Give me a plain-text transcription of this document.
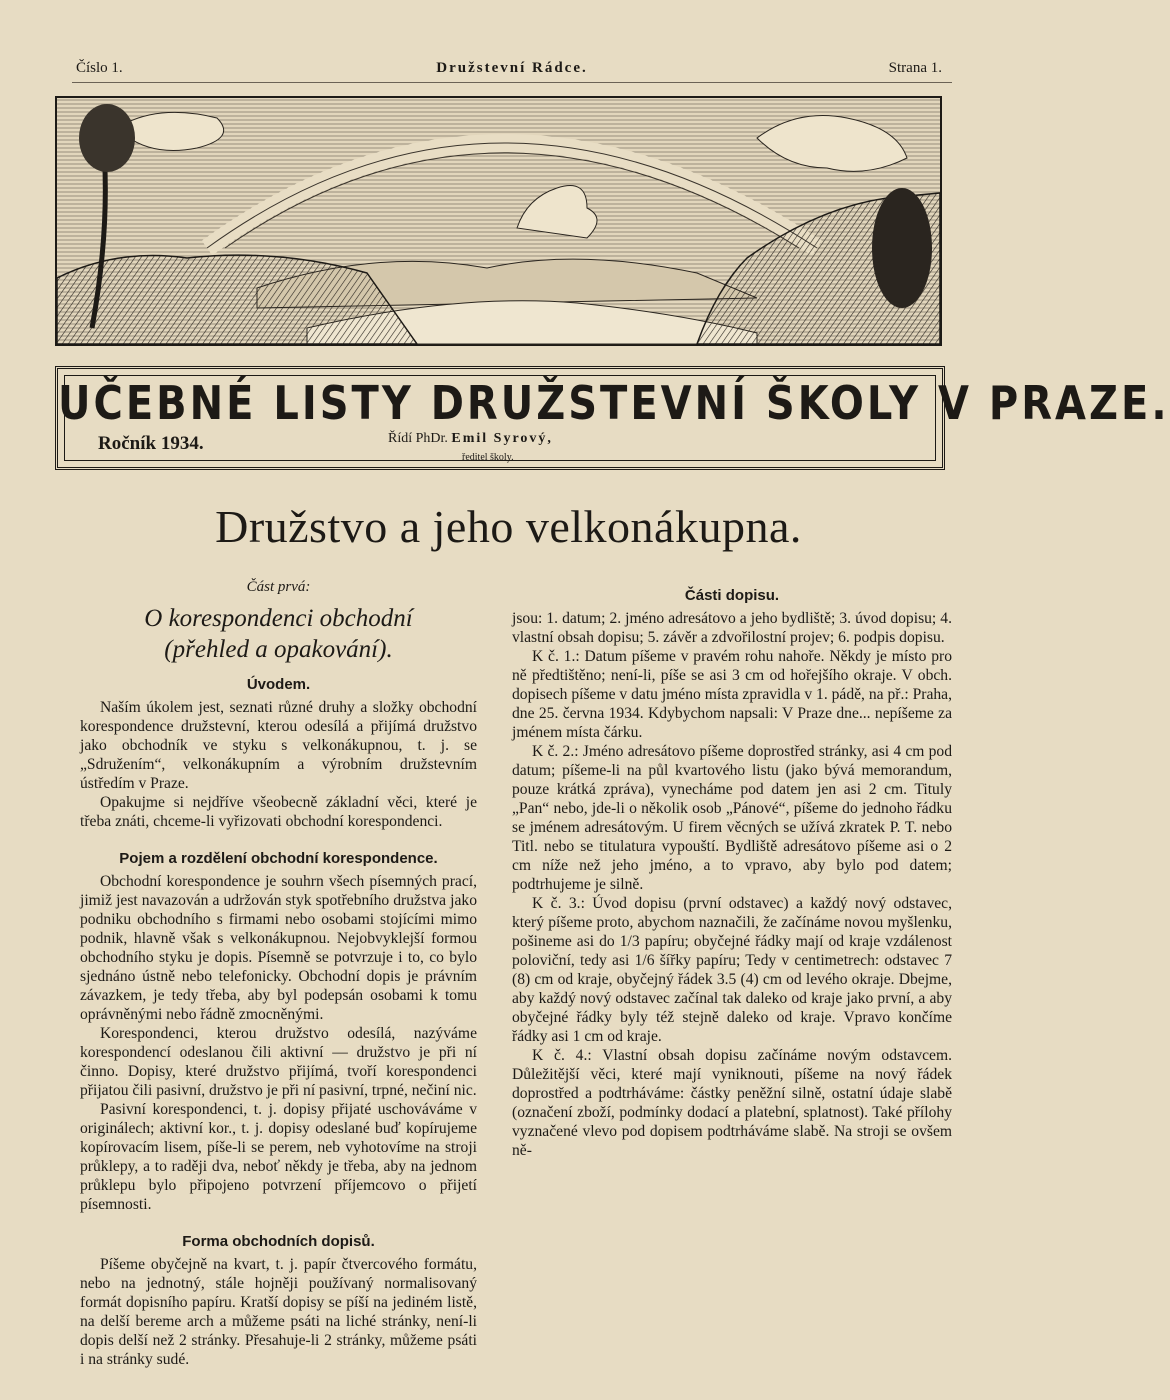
Číslo 1.	Družstevní Rádce.	Strana 1.
UČEBNÉ LISTY DRUŽSTEVNÍ ŠKOLY V PRAZE.
Ročník 1934.	Řídí PhDr. Emil Syrový,
ředitel školy.
Družstvo a jeho velkonákupna.
Část prvá:
O korespondenci obchodní
(přehled a opakování).
Úvodem.

Naším úkolem jest, seznati různé druhy a složky obchodní korespondence družstevní, kterou odesílá a přijímá družstvo jako obchodník ve styku s velkonákupnou, t. j. se „Sdružením“, velkonákupním a výrobním družstevním ústředím v Praze.

Opakujme si nejdříve všeobecně základní věci, které je třeba znáti, chceme-li vyřizovati obchodní korespondenci.

Pojem a rozdělení obchodní korespondence.

Obchodní korespondence je souhrn všech písemných prací, jimiž jest navazován a udržován styk spotřebního družstva jako podniku obchodního s firmami nebo osobami stojícími mimo podnik, hlavně však s velkonákupnou. Nejobvyklejší formou obchodního styku je dopis. Písemně se potvrzuje i to, co bylo sjednáno ústně nebo telefonicky. Obchodní dopis je právním závazkem, je tedy třeba, aby byl podepsán osobami k tomu oprávněnými nebo řádně zmocněnými.

Korespondenci, kterou družstvo odesílá, nazýváme korespondencí odeslanou čili aktivní — družstvo je při ní činno. Dopisy, které družstvo přijímá, tvoří korespondenci přijatou čili pasivní, družstvo je při ní pasivní, trpné, nečiní nic.

Pasivní korespondenci, t. j. dopisy přijaté uschováváme v originálech; aktivní kor., t. j. dopisy odeslané buď kopírujeme kopírovacím lisem, píše-li se perem, neb vyhotovíme na stroji průklepy, a to raději dva, neboť někdy je třeba, aby na jednom průklepu bylo připojeno potvrzení příjemcovo o přijetí písemnosti.

Forma obchodních dopisů.

Píšeme obyčejně na kvart, t. j. papír čtvercového formátu, nebo na jednotný, stále hojněji používaný normalisovaný formát dopisního papíru. Kratší dopisy se píší na jediném listě, na delší bereme arch a můžeme psáti na liché stránky, není-li dopis delší než 2 stránky. Přesahuje-li 2 stránky, můžeme psáti i na stránky sudé.

Části dopisu.

jsou: 1. datum; 2. jméno adresátovo a jeho bydliště; 3. úvod dopisu; 4. vlastní obsah dopisu; 5. závěr a zdvořilostní projev; 6. podpis dopisu.

K č. 1.: Datum píšeme v pravém rohu nahoře. Někdy je místo pro ně předtištěno; není-li, píše se asi 3 cm od hořejšího okraje. V obch. dopisech píšeme v datu jméno místa zpravidla v 1. pádě, na př.: Praha, dne 25. června 1934. Kdybychom napsali: V Praze dne... nepíšeme za jménem místa čárku.

K č. 2.: Jméno adresátovo píšeme doprostřed stránky, asi 4 cm pod datum; píšeme-li na půl kvartového listu (jako bývá memorandum, pouze krátká zpráva), vynecháme pod datem jen asi 2 cm. Tituly „Pan“ nebo, jde-li o několik osob „Pánové“, píšeme do jednoho řádku se jménem adresátovým. U firem věcných se užívá zkratek P. T. nebo Titl. nebo se titulatura vypouští. Bydliště adresátovo píšeme asi o 2 cm níže než jeho jméno, a to vpravo, aby bylo pod datem; podtrhujeme je silně.

K č. 3.: Úvod dopisu (první odstavec) a každý nový odstavec, který píšeme proto, abychom naznačili, že začínáme novou myšlenku, pošineme asi do 1/3 papíru; obyčejné řádky mají od kraje vzdálenost poloviční, tedy asi 1/6 šířky papíru; Tedy v centimetrech: odstavec 7 (8) cm od kraje, obyčejný řádek 3.5 (4) cm od levého okraje. Dbejme, aby každý nový odstavec začínal tak daleko od kraje jako první, a aby obyčejné řádky byly též stejně daleko od kraje. Vpravo končíme řádky asi 1 cm od kraje.

K č. 4.: Vlastní obsah dopisu začínáme novým odstavcem. Důležitější věci, které mají vyniknouti, píšeme na nový řádek doprostřed a podtrháváme: částky peněžní silně, ostatní údaje slabě (označení zboží, podmínky dodací a platební, splatnost). Také přílohy vyznačené vlevo pod dopisem podtrháváme slabě. Na stroji se ovšem ně-
